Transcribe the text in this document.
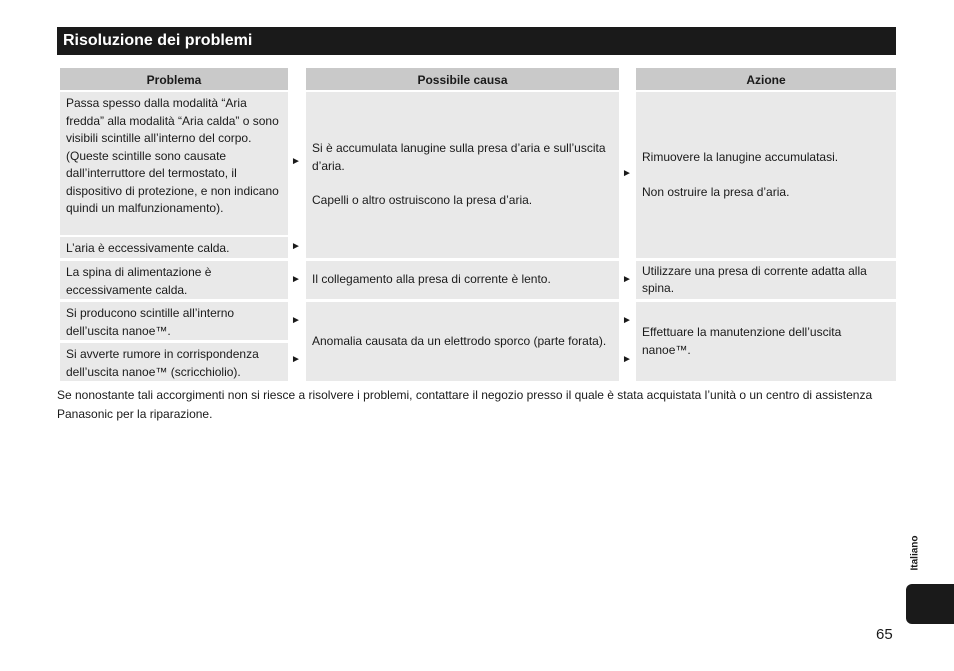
Risoluzione dei problemi
Problema	Possibile causa	Azione
Passa spesso dalla modalità “Aria fredda” alla modalità “Aria calda” o sono visibili scintille all’interno del corpo.
(Queste scintille sono causate dall’interruttore del termostato, il dispositivo di protezione, e non indicano quindi un malfunzionamento).
L’aria è eccessivamente calda.
La spina di alimentazione è eccessivamente calda.
Si producono scintille all’interno dell’uscita nanoe™.
Si avverte rumore in corrispondenza dell’uscita nanoe™ (scricchiolio).
►
►
►
►
►
Si è accumulata lanugine sulla presa d’aria e sull’uscita d’aria.
Capelli o altro ostruiscono la presa d’aria.
Il collegamento alla presa di corrente è lento.
Anomalia causata da un elettrodo sporco (parte forata).
►
►
►
►
Rimuovere la lanugine accumulatasi.
Non ostruire la presa d’aria.
Utilizzare una presa di corrente adatta alla spina.
Effettuare la manutenzione dell’uscita nanoe™.
Se nonostante tali accorgimenti non si riesce a risolvere i problemi, contattare il negozio presso il quale è stata acquistata l’unità o un centro di assistenza Panasonic per la riparazione.
Italiano
65
